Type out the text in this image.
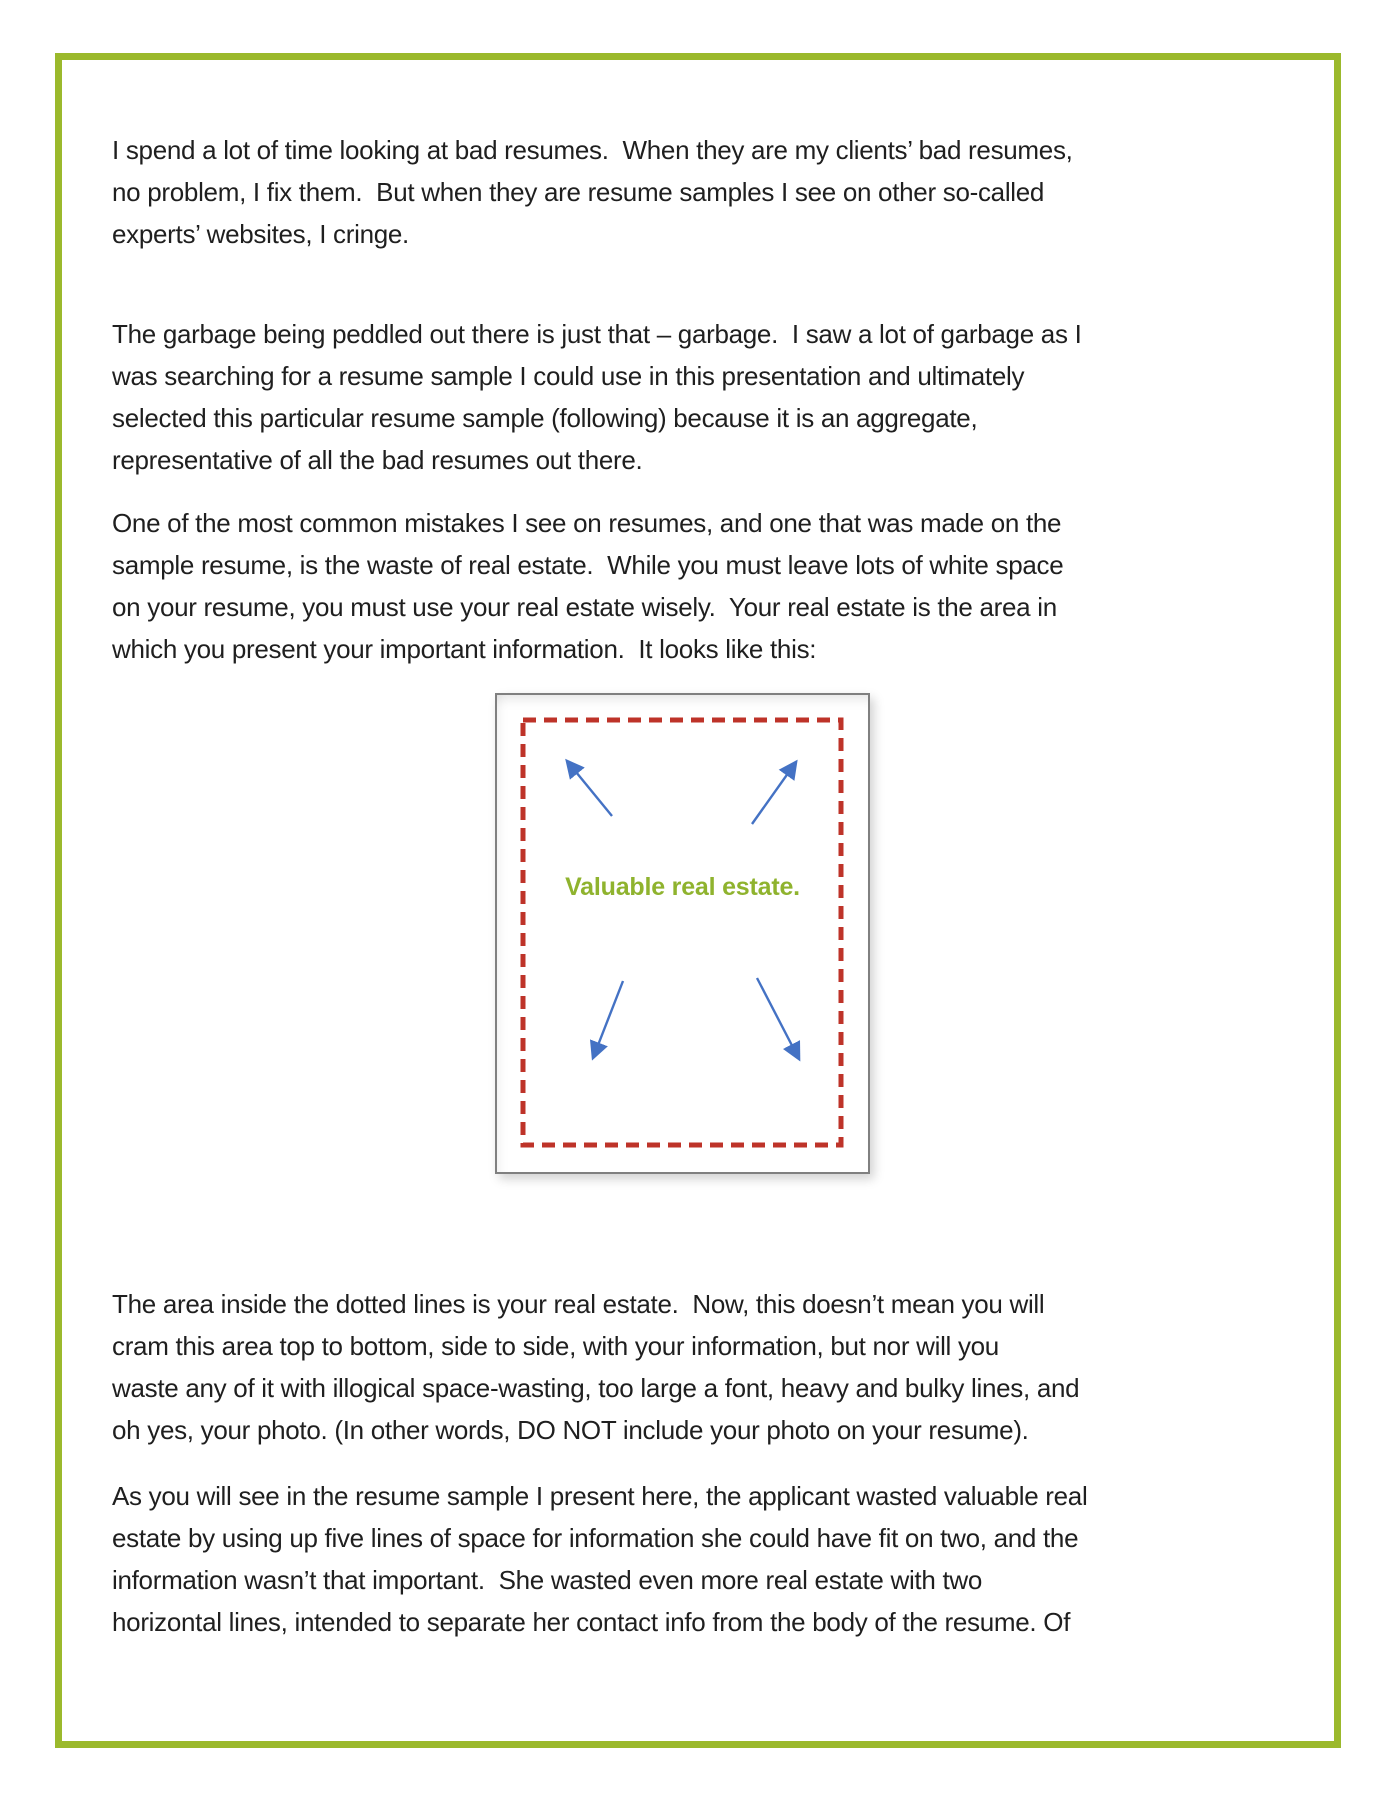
I spend a lot of time looking at bad resumes.  When they are my clients’ bad resumes,
no problem, I fix them.  But when they are resume samples I see on other so-called
experts’ websites, I cringe.
The garbage being peddled out there is just that – garbage.  I saw a lot of garbage as I
was searching for a resume sample I could use in this presentation and ultimately
selected this particular resume sample (following) because it is an aggregate,
representative of all the bad resumes out there.
One of the most common mistakes I see on resumes, and one that was made on the
sample resume, is the waste of real estate.  While you must leave lots of white space
on your resume, you must use your real estate wisely.  Your real estate is the area in
which you present your important information.  It looks like this:
Valuable real estate.
The area inside the dotted lines is your real estate.  Now, this doesn’t mean you will
cram this area top to bottom, side to side, with your information, but nor will you
waste any of it with illogical space-wasting, too large a font, heavy and bulky lines, and
oh yes, your photo. (In other words, DO NOT include your photo on your resume).
As you will see in the resume sample I present here, the applicant wasted valuable real
estate by using up five lines of space for information she could have fit on two, and the
information wasn’t that important.  She wasted even more real estate with two
horizontal lines, intended to separate her contact info from the body of the resume. Of
